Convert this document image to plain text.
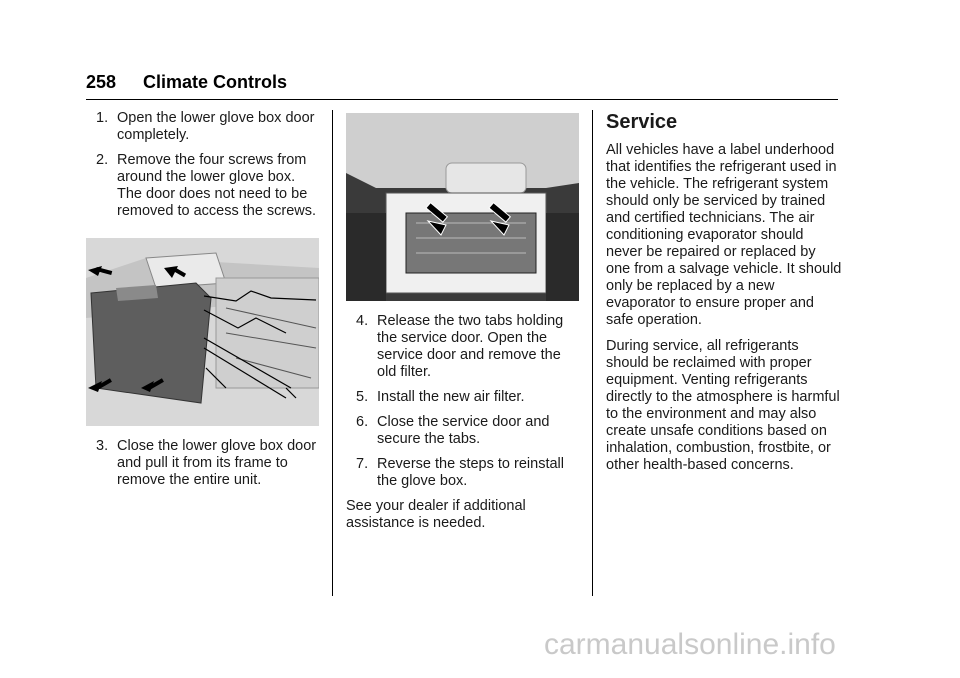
258 Climate Controls
1. Open the lower glove box door completely.
2. Remove the four screws from around the lower glove box. The door does not need to be removed to access the screws.
3. Close the lower glove box door and pull it from its frame to remove the entire unit.
4. Release the two tabs holding the service door. Open the service door and remove the old filter.
5. Install the new air filter.
6. Close the service door and secure the tabs.
7. Reverse the steps to reinstall the glove box.

See your dealer if additional assistance is needed.

Service

All vehicles have a label underhood that identifies the refrigerant used in the vehicle. The refrigerant system should only be serviced by trained and certified technicians. The air conditioning evaporator should never be repaired or replaced by one from a salvage vehicle. It should only be replaced by a new evaporator to ensure proper and safe operation.

During service, all refrigerants should be reclaimed with proper equipment. Venting refrigerants directly to the atmosphere is harmful to the environment and may also create unsafe conditions based on inhalation, combustion, frostbite, or other health-based concerns.

carmanualsonline.info
